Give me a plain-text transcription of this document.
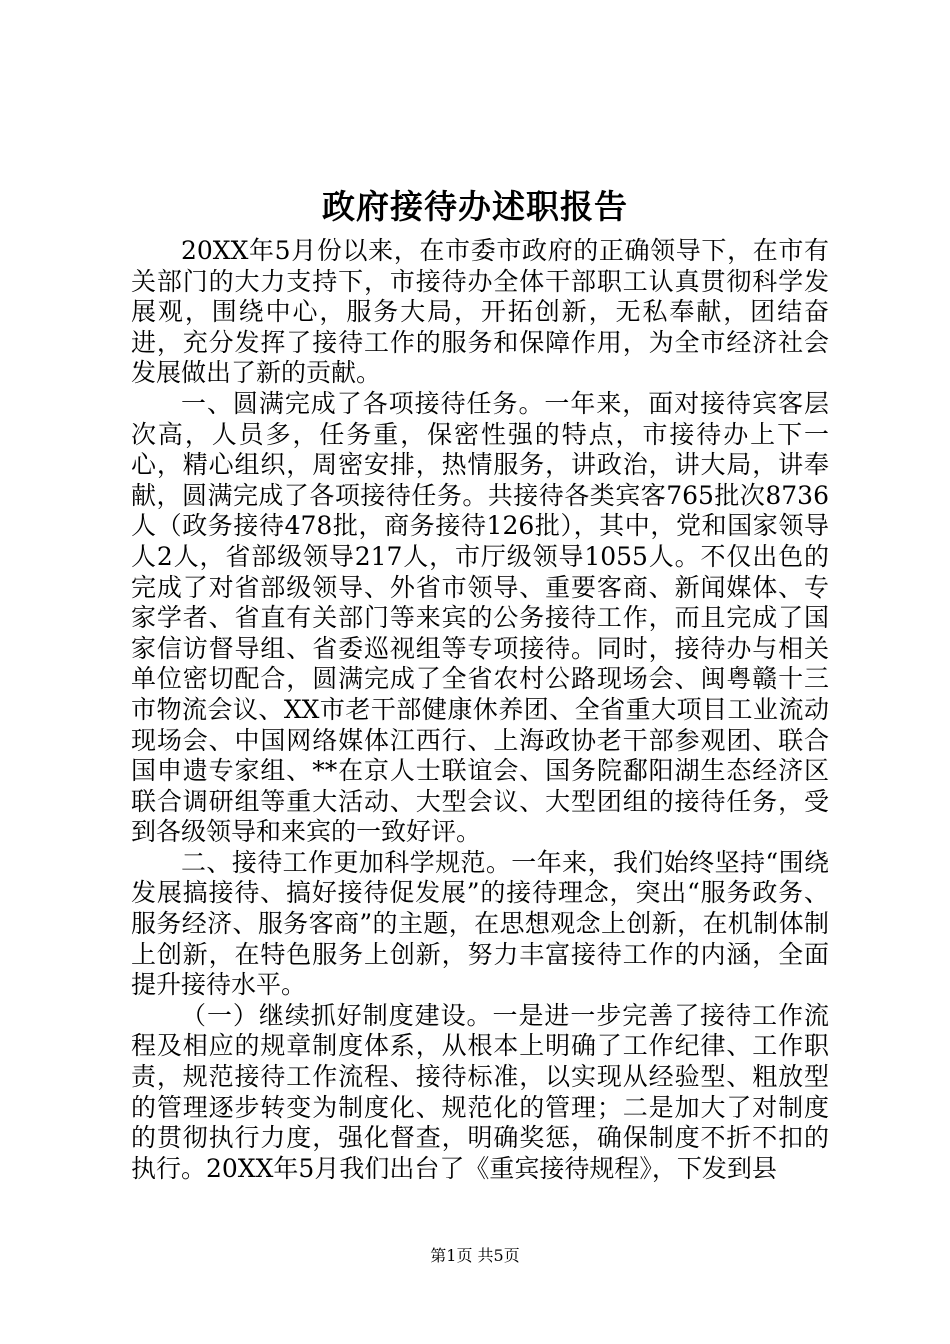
政府接待办述职报告

20XX年5月份以来，在市委市政府的正确领导下，在市有关部门的大力支持下，市接待办全体干部职工认真贯彻科学发展观，围绕中心，服务大局，开拓创新，无私奉献，团结奋进，充分发挥了接待工作的服务和保障作用，为全市经济社会发展做出了新的贡献。

一、圆满完成了各项接待任务。一年来，面对接待宾客层次高，人员多，任务重，保密性强的特点，市接待办上下一心，精心组织，周密安排，热情服务，讲政治，讲大局，讲奉献，圆满完成了各项接待任务。共接待各类宾客765批次8736人（政务接待478批，商务接待126批），其中，党和国家领导人2人，省部级领导217人，市厅级领导1055人。不仅出色的完成了对省部级领导、外省市领导、重要客商、新闻媒体、专家学者、省直有关部门等来宾的公务接待工作，而且完成了国家信访督导组、省委巡视组等专项接待。同时，接待办与相关单位密切配合，圆满完成了全省农村公路现场会、闽粤赣十三市物流会议、XX市老干部健康休养团、全省重大项目工业流动现场会、中国网络媒体江西行、上海政协老干部参观团、联合国申遗专家组、**在京人士联谊会、国务院鄱阳湖生态经济区联合调研组等重大活动、大型会议、大型团组的接待任务，受到各级领导和来宾的一致好评。

二、接待工作更加科学规范。一年来，我们始终坚持“围绕发展搞接待、搞好接待促发展”的接待理念，突出“服务政务、服务经济、服务客商”的主题，在思想观念上创新，在机制体制上创新，在特色服务上创新，努力丰富接待工作的内涵，全面提升接待水平。

（一）继续抓好制度建设。一是进一步完善了接待工作流程及相应的规章制度体系，从根本上明确了工作纪律、工作职责，规范接待工作流程、接待标准，以实现从经验型、粗放型的管理逐步转变为制度化、规范化的管理；二是加大了对制度的贯彻执行力度，强化督查，明确奖惩，确保制度不折不扣的执行。20XX年5月我们出台了《重宾接待规程》，下发到县

第1页 共5页
